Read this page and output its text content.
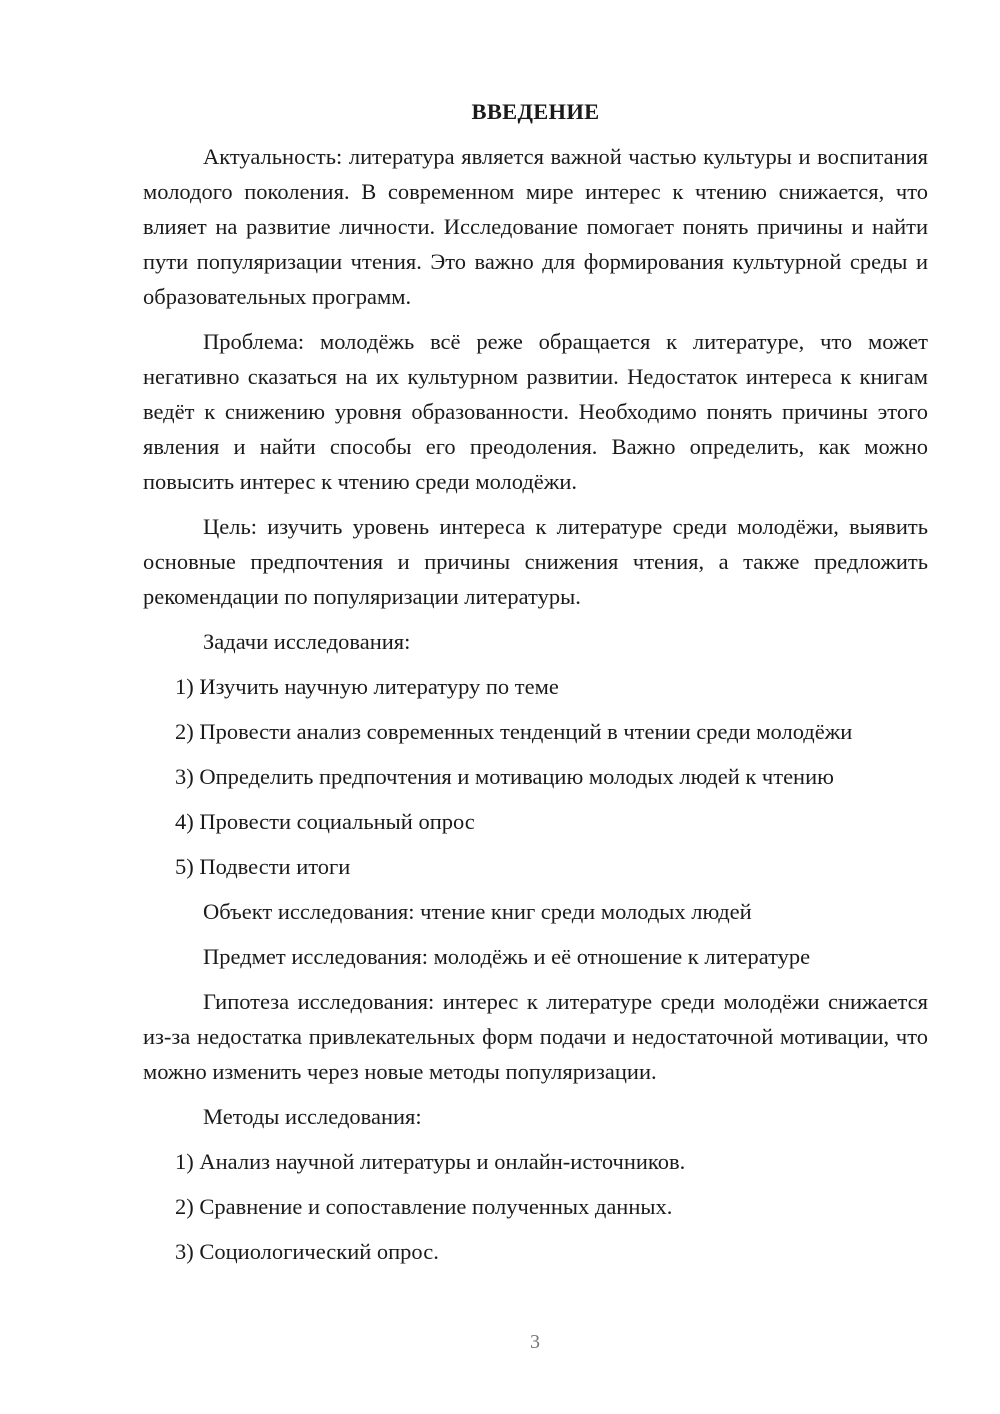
ВВЕДЕНИЕ
Актуальность: литература является важной частью культуры и воспитания молодого поколения. В современном мире интерес к чтению снижается, что влияет на развитие личности. Исследование помогает понять причины и найти пути популяризации чтения. Это важно для формирования культурной среды и образовательных программ.
Проблема: молодёжь всё реже обращается к литературе, что может негативно сказаться на их культурном развитии. Недостаток интереса к книгам ведёт к снижению уровня образованности. Необходимо понять причины этого явления и найти способы его преодоления. Важно определить, как можно повысить интерес к чтению среди молодёжи.
Цель: изучить уровень интереса к литературе среди молодёжи, выявить основные предпочтения и причины снижения чтения, а также предложить рекомендации по популяризации литературы.
Задачи исследования:
1) Изучить научную литературу по теме
2) Провести анализ современных тенденций в чтении среди молодёжи
3) Определить предпочтения и мотивацию молодых людей к чтению
4) Провести социальный опрос
5) Подвести итоги
Объект исследования: чтение книг среди молодых людей
Предмет исследования: молодёжь и её отношение к литературе
Гипотеза исследования: интерес к литературе среди молодёжи снижается из-за недостатка привлекательных форм подачи и недостаточной мотивации, что можно изменить через новые методы популяризации.
Методы исследования:
1) Анализ научной литературы и онлайн-источников.
2) Сравнение и сопоставление полученных данных.
3) Социологический опрос.
3
